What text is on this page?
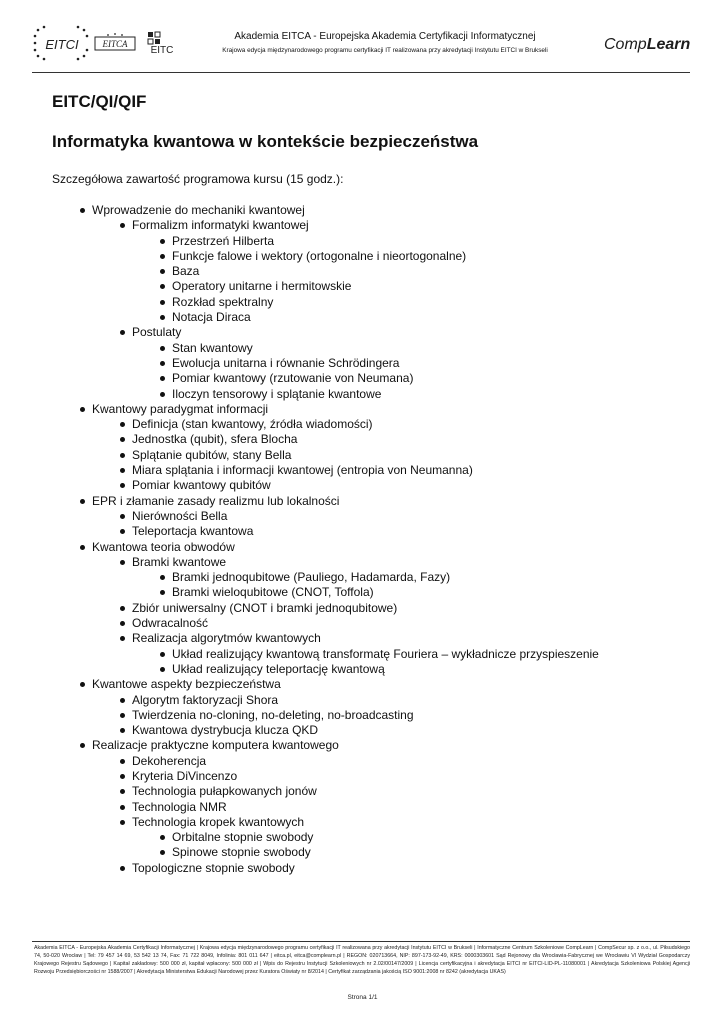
EITCI	EITCA
EITC
Akademia EITCA - Europejska Akademia Certyfikacji Informatycznej
Krajowa edycja międzynarodowego programu certyfikacji IT realizowana przy akredytacji Instytutu EITCI w Brukseli	CompLearn
EITC/QI/QIF
Informatyka kwantowa w kontekście bezpieczeństwa
Szczegółowa zawartość programowa kursu (15 godz.):
Wprowadzenie do mechaniki kwantowej
Formalizm informatyki kwantowej
Przestrzeń Hilberta
Funkcje falowe i wektory (ortogonalne i nieortogonalne)
Baza
Operatory unitarne i hermitowskie
Rozkład spektralny
Notacja Diraca
Postulaty
Stan kwantowy
Ewolucja unitarna i równanie Schrödingera
Pomiar kwantowy (rzutowanie von Neumana)
Iloczyn tensorowy i splątanie kwantowe
Kwantowy paradygmat informacji
Definicja (stan kwantowy, źródła wiadomości)
Jednostka (qubit), sfera Blocha
Splątanie qubitów, stany Bella
Miara splątania i informacji kwantowej (entropia von Neumanna)
Pomiar kwantowy qubitów
EPR i złamanie zasady realizmu lub lokalności
Nierówności Bella
Teleportacja kwantowa
Kwantowa teoria obwodów
Bramki kwantowe
Bramki jednoqubitowe (Pauliego, Hadamarda, Fazy)
Bramki wieloqubitowe (CNOT, Toffola)
Zbiór uniwersalny (CNOT i bramki jednoqubitowe)
Odwracalność
Realizacja algorytmów kwantowych
Układ realizujący kwantową transformatę Fouriera – wykładnicze przyspieszenie
Układ realizujący teleportację kwantową
Kwantowe aspekty bezpieczeństwa
Algorytm faktoryzacji Shora
Twierdzenia no-cloning, no-deleting, no-broadcasting
Kwantowa dystrybucja klucza QKD
Realizacje praktyczne komputera kwantowego
Dekoherencja
Kryteria DiVincenzo
Technologia pułapkowanych jonów
Technologia NMR
Technologia kropek kwantowych
Orbitalne stopnie swobody
Spinowe stopnie swobody
Topologiczne stopnie swobody
Akademia EITCA - Europejska Akademia Certyfikacji Informatycznej | Krajowa edycja międzynarodowego programu certyfikacji IT realizowana przy akredytacji Instytutu EITCI w Brukseli | Informatyczne Centrum Szkoleniowe CompLearn | CompSecur sp. z o.o., ul. Piłsudskiego 74, 50-020 Wrocław | Tel: 79 457 14 69, 53 542 13 74, Fax: 71 722 8049, Infolinia: 801 011 647 | eitca.pl, eitca@complearn.pl | REGON: 020713664, NIP: 897-173-92-49, KRS: 0000303601 Sąd Rejonowy dla Wrocławia-Fabrycznej we Wrocławiu VI Wydział Gospodarczy Krajowego Rejestru Sądowego | Kapitał zakładowy: 500 000 zł, kapitał wpłacony: 500 000 zł | Wpis do Rejestru Instytucji Szkoleniowych nr 2.02/00147/2009 | Licencja certyfikacyjna i akredytacja EITCI nr EITCI-LID-PL-11080001 | Akredytacja Szkoleniowa Polskiej Agencji Rozwoju Przedsiębiorczości nr 1588/2007 | Akredytacja Ministerstwa Edukacji Narodowej przez Kuratora Oświaty nr 8/2014 | Certyfikat zarządzania jakością ISO 9001:2008 nr 8242 (akredytacja UKAS)
Strona 1/1
